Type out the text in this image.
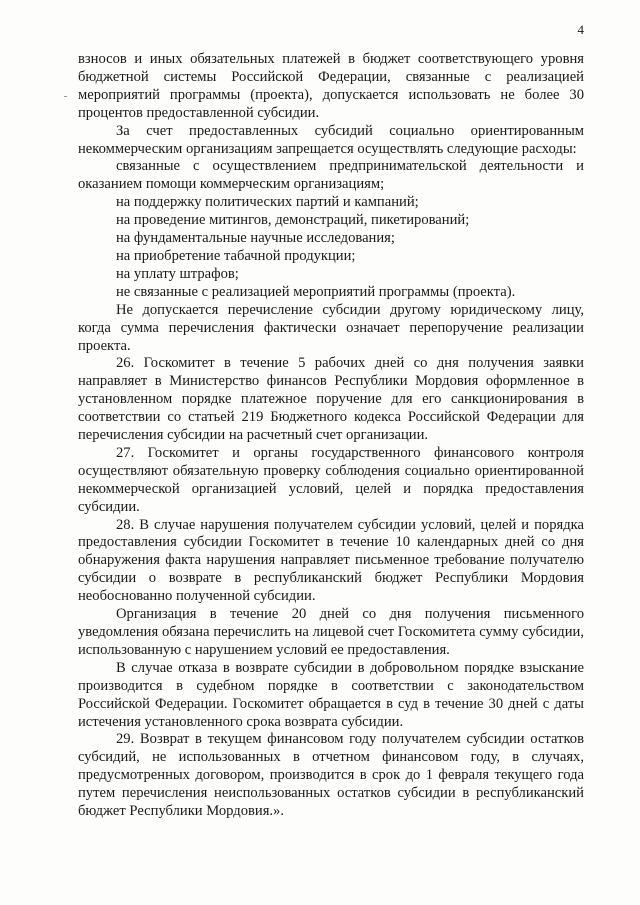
4

взносов и иных обязательных платежей в бюджет соответствующего уровня бюджетной системы Российской Федерации, связанные с реализацией мероприятий программы (проекта), допускается использовать не более 30 процентов предоставленной субсидии.

За счет предоставленных субсидий социально ориентированным некоммерческим организациям запрещается осуществлять следующие расходы:

связанные с осуществлением предпринимательской деятельности и оказанием помощи коммерческим организациям;

на поддержку политических партий и кампаний;

на проведение митингов, демонстраций, пикетирований;

на фундаментальные научные исследования;

на приобретение табачной продукции;

на уплату штрафов;

не связанные с реализацией мероприятий программы (проекта).

Не допускается перечисление субсидии другому юридическому лицу, когда сумма перечисления фактически означает перепоручение реализации проекта.

26. Госкомитет в течение 5 рабочих дней со дня получения заявки направляет в Министерство финансов Республики Мордовия оформленное в установленном порядке платежное поручение для его санкционирования в соответствии со статьей 219 Бюджетного кодекса Российской Федерации для перечисления субсидии на расчетный счет организации.

27. Госкомитет и органы государственного финансового контроля осуществляют обязательную проверку соблюдения социально ориентированной некоммерческой организацией условий, целей и порядка предоставления субсидии.

28. В случае нарушения получателем субсидии условий, целей и порядка предоставления субсидии Госкомитет в течение 10 календарных дней со дня обнаружения факта нарушения направляет письменное требование получателю субсидии о возврате в республиканский бюджет Республики Мордовия необоснованно полученной субсидии.

Организация в течение 20 дней со дня получения письменного уведомления обязана перечислить на лицевой счет Госкомитета сумму субсидии, использованную с нарушением условий ее предоставления.

В случае отказа в возврате субсидии в добровольном порядке взыскание производится в судебном порядке в соответствии с законодательством Российской Федерации. Госкомитет обращается в суд в течение 30 дней с даты истечения установленного срока возврата субсидии.

29. Возврат в текущем финансовом году получателем субсидии остатков субсидий, не использованных в отчетном финансовом году, в случаях, предусмотренных договором, производится в срок до 1 февраля текущего года путем перечисления неиспользованных остатков субсидии в республиканский бюджет Республики Мордовия.».
